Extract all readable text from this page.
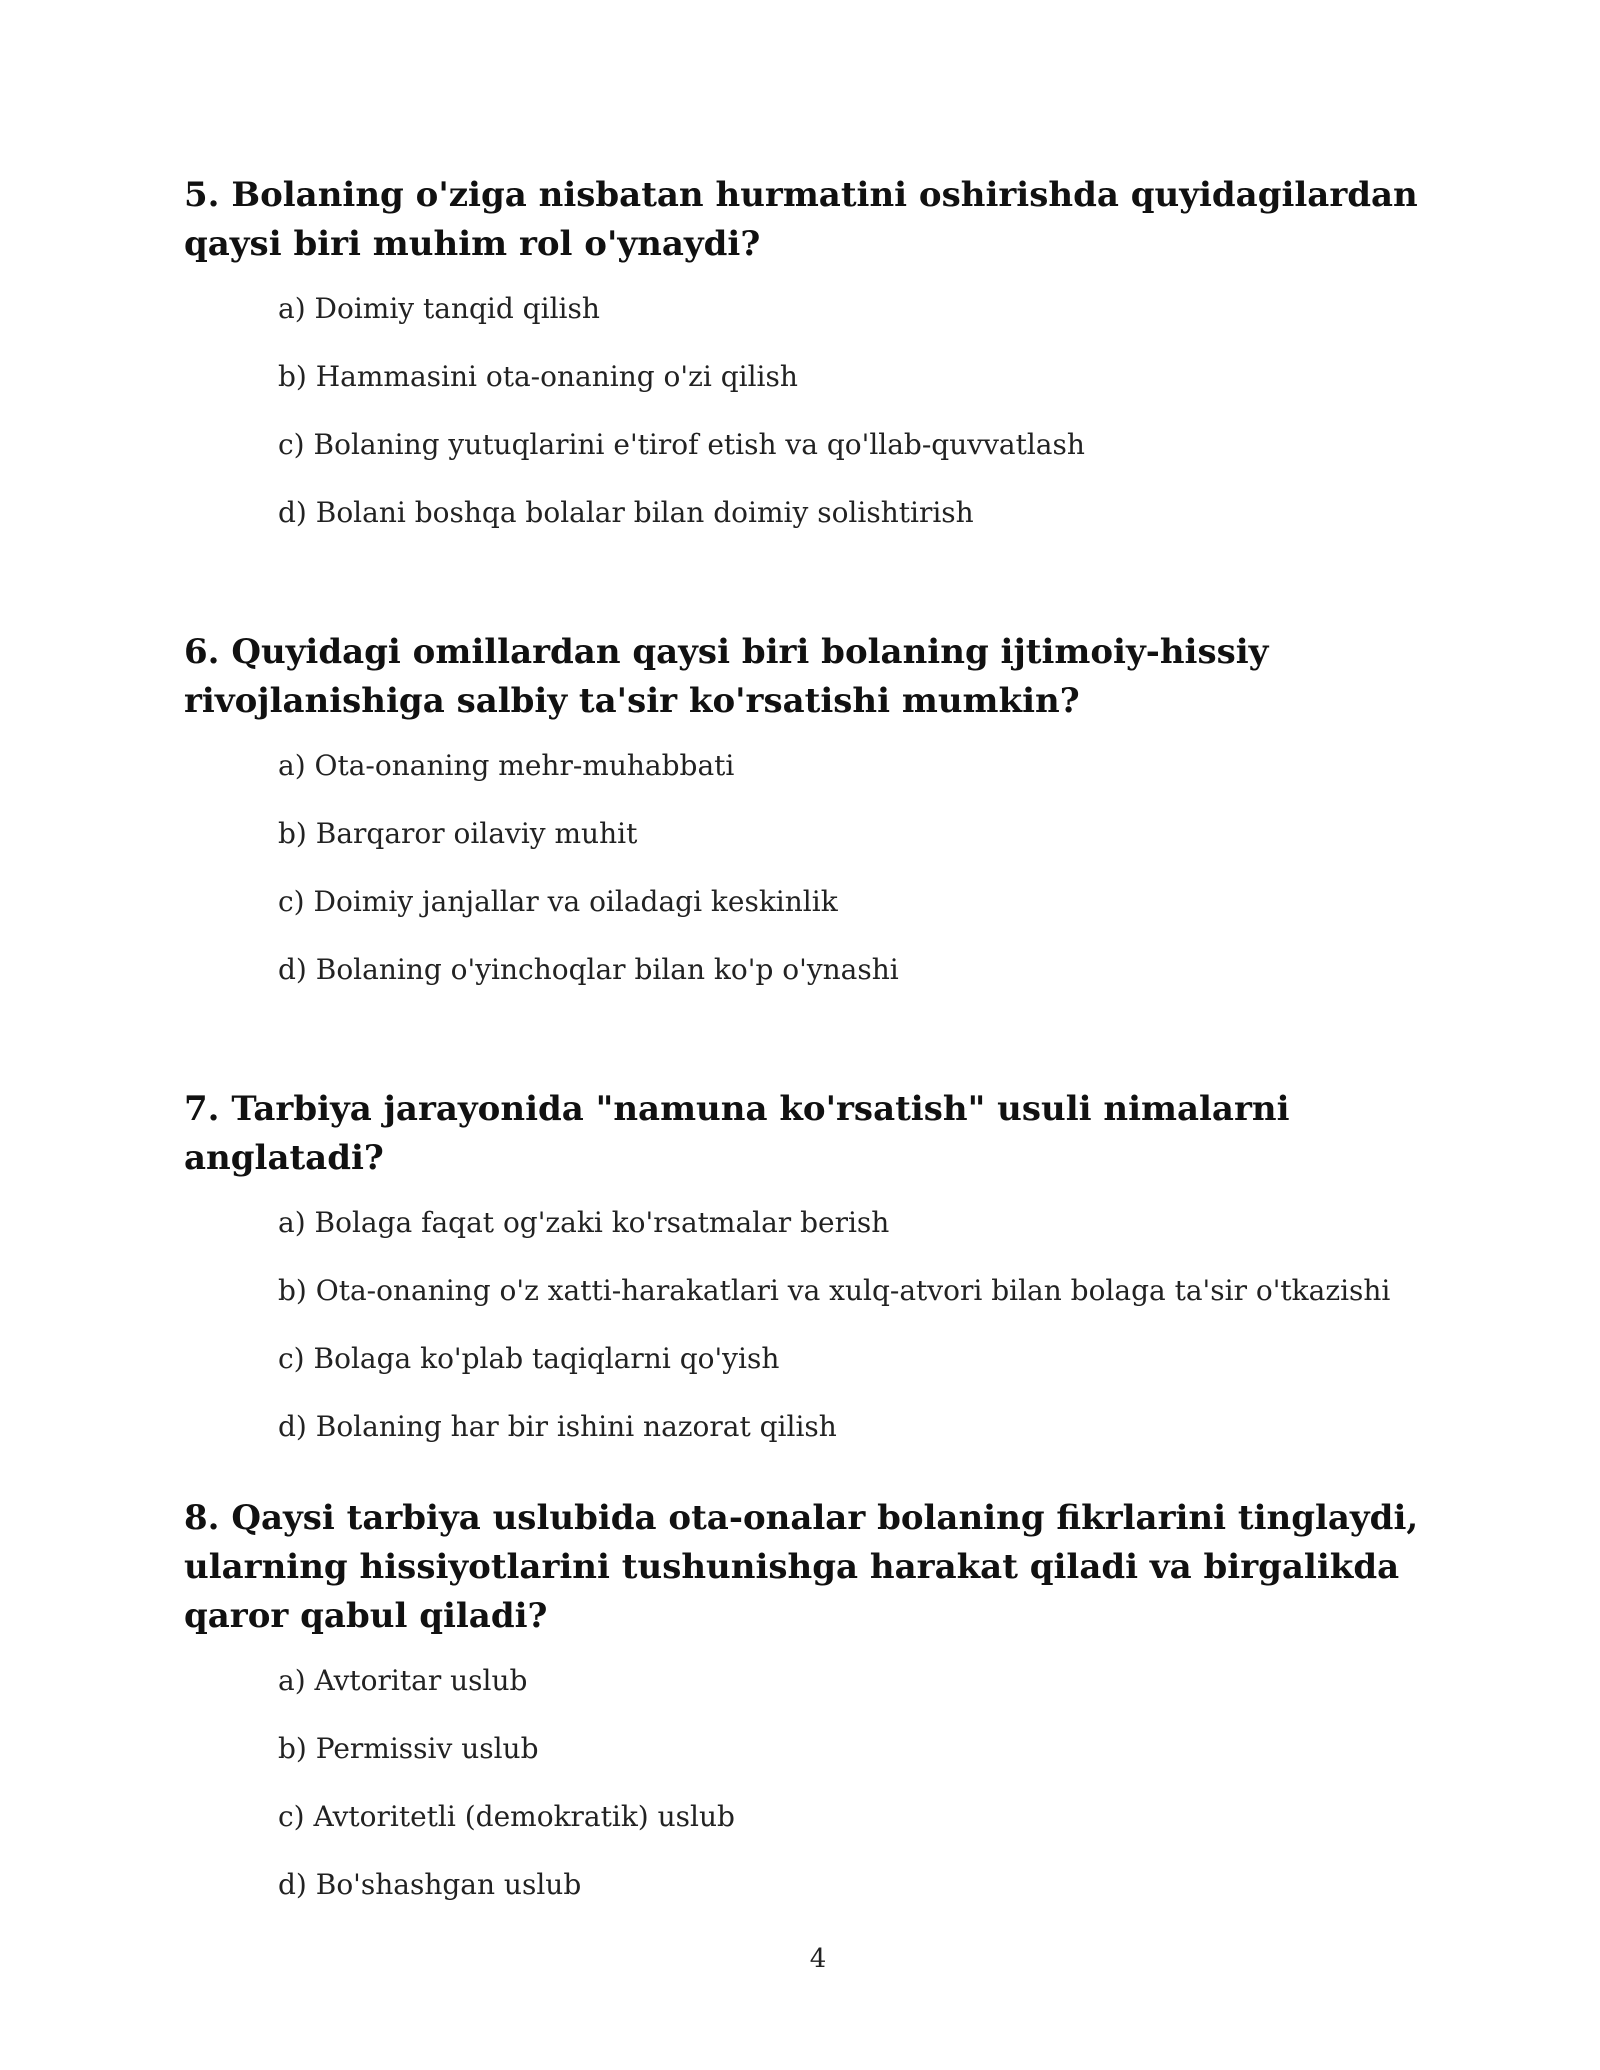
5. Bolaning o'ziga nisbatan hurmatini oshirishda quyidagilardan qaysi biri muhim rol o'ynaydi?
a) Doimiy tanqid qilish
b) Hammasini ota-onaning o'zi qilish
c) Bolaning yutuqlarini e'tirof etish va qo'llab-quvvatlash
d) Bolani boshqa bolalar bilan doimiy solishtirish
6. Quyidagi omillardan qaysi biri bolaning ijtimoiy-hissiy rivojlanishiga salbiy ta'sir ko'rsatishi mumkin?
a) Ota-onaning mehr-muhabbati
b) Barqaror oilaviy muhit
c) Doimiy janjallar va oiladagi keskinlik
d) Bolaning o'yinchoqlar bilan ko'p o'ynashi
7. Tarbiya jarayonida "namuna ko'rsatish" usuli nimalarni anglatadi?
a) Bolaga faqat og'zaki ko'rsatmalar berish
b) Ota-onaning o'z xatti-harakatlari va xulq-atvori bilan bolaga ta'sir o'tkazishi
c) Bolaga ko'plab taqiqlarni qo'yish
d) Bolaning har bir ishini nazorat qilish
8. Qaysi tarbiya uslubida ota-onalar bolaning fikrlarini tinglaydi, ularning hissiyotlarini tushunishga harakat qiladi va birgalikda qaror qabul qiladi?
a) Avtoritar uslub
b) Permissiv uslub
c) Avtoritetli (demokratik) uslub
d) Bo'shashgan uslub
4
